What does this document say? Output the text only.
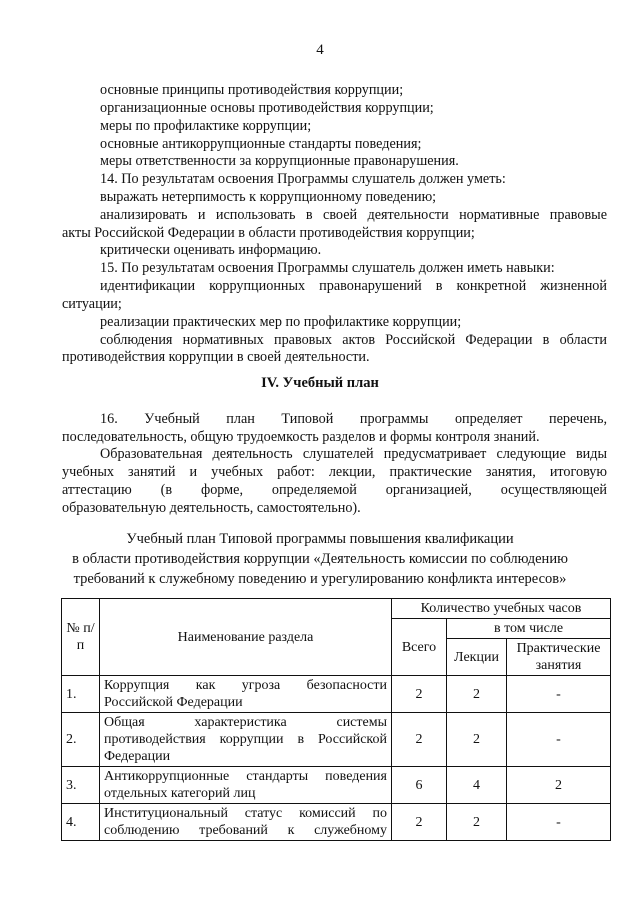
4
основные принципы противодействия коррупции;
организационные основы противодействия коррупции;
меры по профилактике коррупции;
основные антикоррупционные стандарты поведения;
меры ответственности за коррупционные правонарушения.
14. По результатам освоения Программы слушатель должен уметь:
выражать нетерпимость к коррупционному поведению;
анализировать и использовать в своей деятельности нормативные правовые
акты Российской Федерации в области противодействия коррупции;
критически оценивать информацию.
15. По результатам освоения Программы слушатель должен иметь навыки:
идентификации коррупционных правонарушений в конкретной жизненной
ситуации;
реализации практических мер по профилактике коррупции;
соблюдения нормативных правовых актов Российской Федерации в области
противодействия коррупции в своей деятельности.
IV. Учебный план
16. Учебный план Типовой программы определяет перечень,
последовательность, общую трудоемкость разделов и формы контроля знаний.
Образовательная деятельность слушателей предусматривает следующие виды
учебных занятий и учебных работ: лекции, практические занятия, итоговую
аттестацию (в форме, определяемой организацией, осуществляющей
образовательную деятельность, самостоятельно).
Учебный план Типовой программы повышения квалификации
в области противодействия коррупции «Деятельность комиссии по соблюдению
требований к служебному поведению и урегулированию конфликта интересов»
№ п/п	Наименование раздела	Количество учебных часов		
		Всего	в том числе	
			Лекции	Практические занятия
1.	Коррупция как угроза безопасности
Российской Федерации	2	2	-
2.	Общая характеристика системы
противодействия коррупции в Российской
Федерации	2	2	-
3.	Антикоррупционные стандарты поведения
отдельных категорий лиц	6	4	2
4.	Институциональный статус комиссий по
соблюдению требований к служебному	2	2	-
